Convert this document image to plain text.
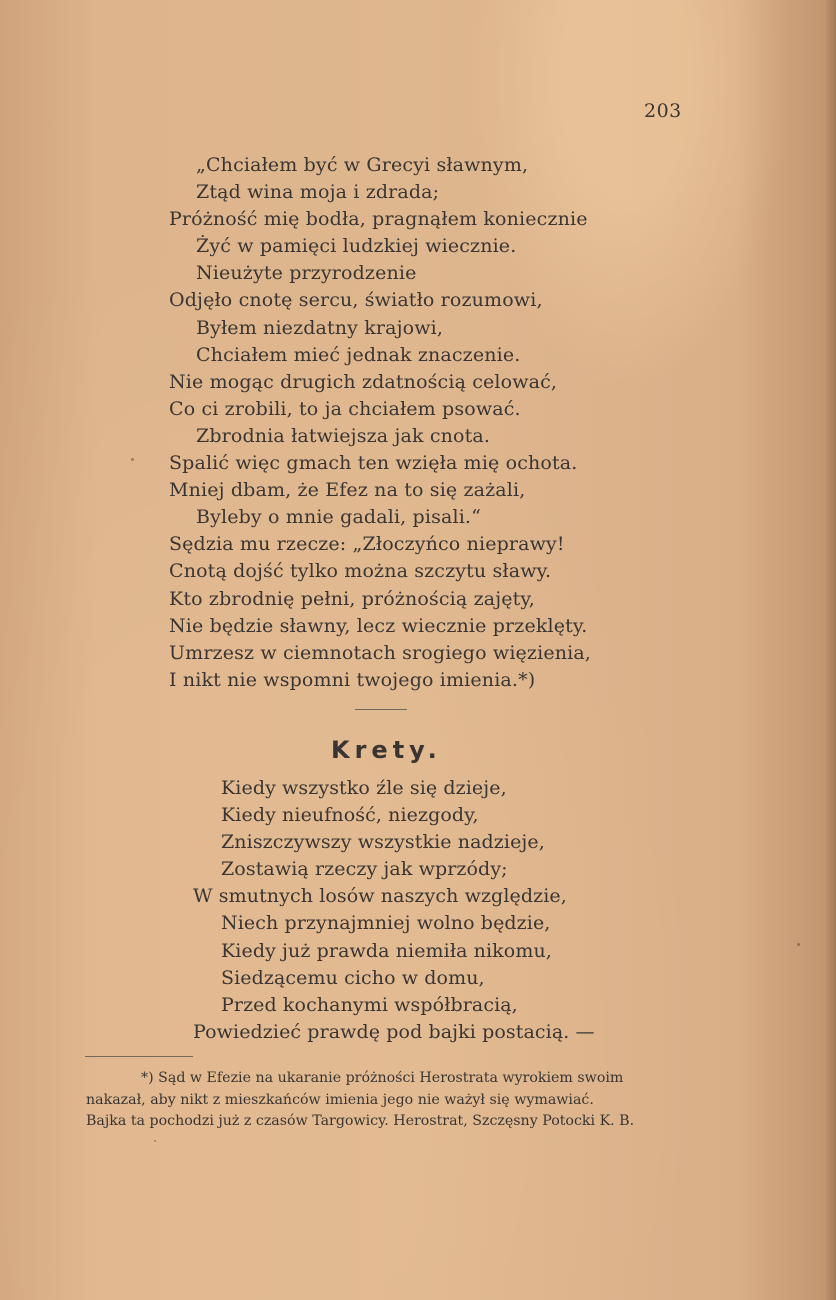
203
„Chciałem być w Grecyi sławnym,
Ztąd wina moja i zdrada;
Próżność mię bodła, pragnąłem koniecznie
Żyć w pamięci ludzkiej wiecznie.
Nieużyte przyrodzenie
Odjęło cnotę sercu, światło rozumowi,
Byłem niezdatny krajowi,
Chciałem mieć jednak znaczenie.
Nie mogąc drugich zdatnością celować,
Co ci zrobili, to ja chciałem psować.
Zbrodnia łatwiejsza jak cnota.
Spalić więc gmach ten wzięła mię ochota.
Mniej dbam, że Efez na to się zażali,
Byleby o mnie gadali, pisali.“
Sędzia mu rzecze: „Złoczyńco nieprawy!
Cnotą dojść tylko można szczytu sławy.
Kto zbrodnię pełni, próżnością zajęty,
Nie będzie sławny, lecz wiecznie przeklęty.
Umrzesz w ciemnotach srogiego więzienia,
I nikt nie wspomni twojego imienia.*)
Krety.
Kiedy wszystko źle się dzieje,
Kiedy nieufność, niezgody,
Zniszczywszy wszystkie nadzieje,
Zostawią rzeczy jak wprzódy;
W smutnych losów naszych względzie,
Niech przynajmniej wolno będzie,
Kiedy już prawda niemiła nikomu,
Siedzącemu cicho w domu,
Przed kochanymi współbracią,
Powiedzieć prawdę pod bajki postacią. —
*) Sąd w Efezie na ukaranie próżności Herostrata wyrokiem swoim
nakazał, aby nikt z mieszkańców imienia jego nie ważył się wymawiać.
Bajka ta pochodzi już z czasów Targowicy. Herostrat, Szczęsny Potocki K. B.
